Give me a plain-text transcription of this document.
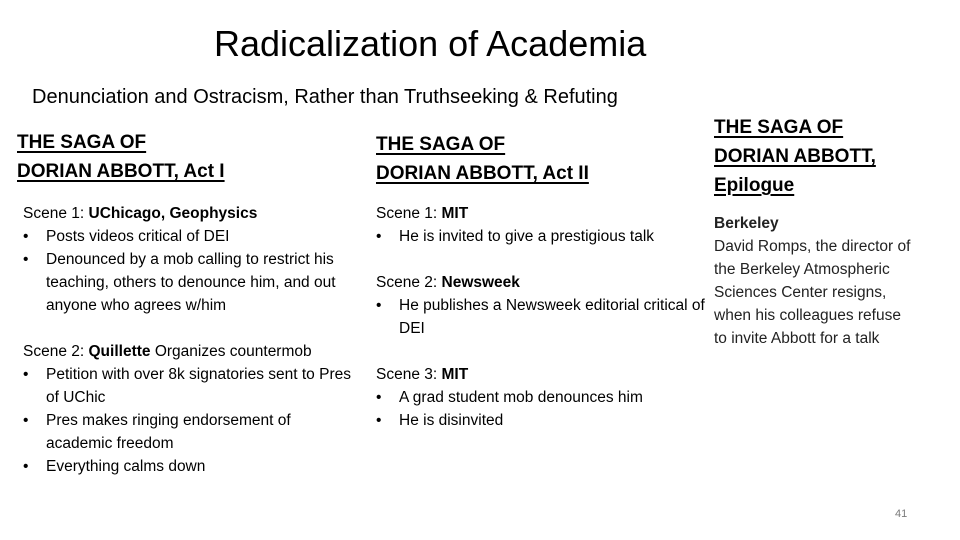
Radicalization of Academia
Denunciation and Ostracism, Rather than Truthseeking & Refuting
THE SAGA OF
DORIAN ABBOTT, Act I
Scene 1: UChicago, Geophysics
•	Posts videos critical of DEI
•	Denounced by a mob calling to restrict his teaching, others to denounce him, and out anyone who agrees w/him
Scene 2: Quillette Organizes countermob
•	Petition with over 8k signatories sent to Pres of UChic
•	Pres makes ringing endorsement of academic freedom
•	Everything calms down
THE SAGA OF
DORIAN ABBOTT, Act II
Scene 1: MIT
•	He is invited to give a prestigious talk
Scene 2: Newsweek
•	He publishes a Newsweek editorial critical of DEI
Scene 3: MIT
•	A grad student mob denounces him
•	He is disinvited
THE SAGA OF
DORIAN ABBOTT,
Epilogue
Berkeley
David Romps, the director of the Berkeley Atmospheric Sciences Center resigns, when his colleagues refuse to invite Abbott for a talk
41
